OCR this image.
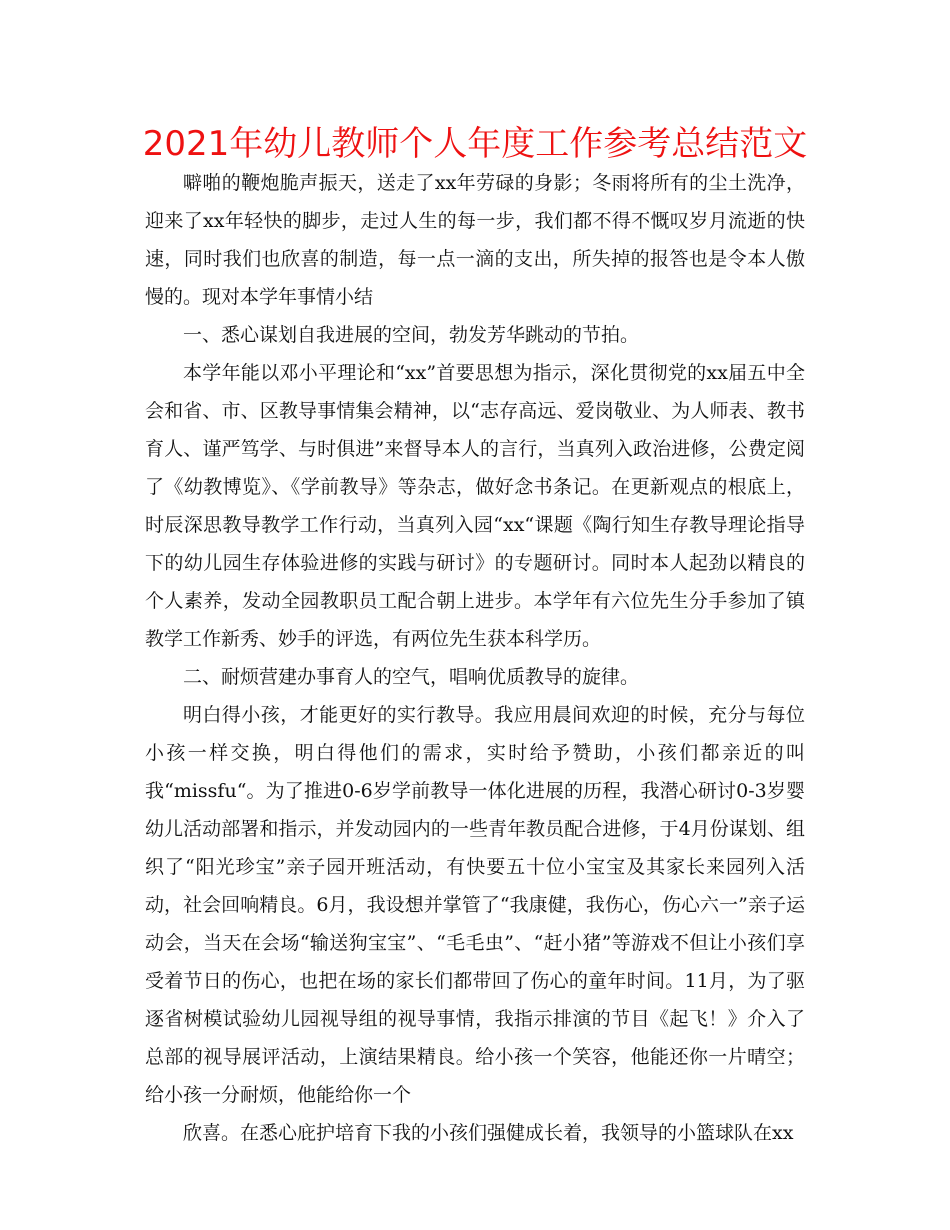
2021年幼儿教师个人年度工作参考总结范文

噼啪的鞭炮脆声振天，送走了xx年劳碌的身影；冬雨将所有的尘土洗净，迎来了xx年轻快的脚步，走过人生的每一步，我们都不得不慨叹岁月流逝的快速，同时我们也欣喜的制造，每一点一滴的支出，所失掉的报答也是令本人傲慢的。现对本学年事情小结

一、悉心谋划自我进展的空间，勃发芳华跳动的节拍。

本学年能以邓小平理论和“xx”首要思想为指示，深化贯彻党的xx届五中全会和省、市、区教导事情集会精神，以“志存高远、爱岗敬业、为人师表、教书育人、谨严笃学、与时俱进”来督导本人的言行，当真列入政治进修，公费定阅了《幼教博览》、《学前教导》等杂志，做好念书条记。在更新观点的根底上，时辰深思教导教学工作行动，当真列入园“xx“课题《陶行知生存教导理论指导下的幼儿园生存体验进修的实践与研讨》的专题研讨。同时本人起劲以精良的个人素养，发动全园教职员工配合朝上进步。本学年有六位先生分手参加了镇教学工作新秀、妙手的评选，有两位先生获本科学历。

二、耐烦营建办事育人的空气，唱响优质教导的旋律。

明白得小孩，才能更好的实行教导。我应用晨间欢迎的时候，充分与每位小孩一样交换，明白得他们的需求，实时给予赞助，小孩们都亲近的叫我“missfu“。为了推进0-6岁学前教导一体化进展的历程，我潜心研讨0-3岁婴幼儿活动部署和指示，并发动园内的一些青年教员配合进修，于4月份谋划、组织了“阳光珍宝”亲子园开班活动，有快要五十位小宝宝及其家长来园列入活动，社会回响精良。6月，我设想并掌管了“我康健，我伤心，伤心六一”亲子运动会，当天在会场“输送狗宝宝”、“毛毛虫”、“赶小猪”等游戏不但让小孩们享受着节日的伤心，也把在场的家长们都带回了伤心的童年时间。11月，为了驱逐省树模试验幼儿园视导组的视导事情，我指示排演的节目《起飞！》介入了总部的视导展评活动，上演结果精良。给小孩一个笑容，他能还你一片晴空；给小孩一分耐烦，他能给你一个

欣喜。在悉心庇护培育下我的小孩们强健成长着，我领导的小篮球队在xx
